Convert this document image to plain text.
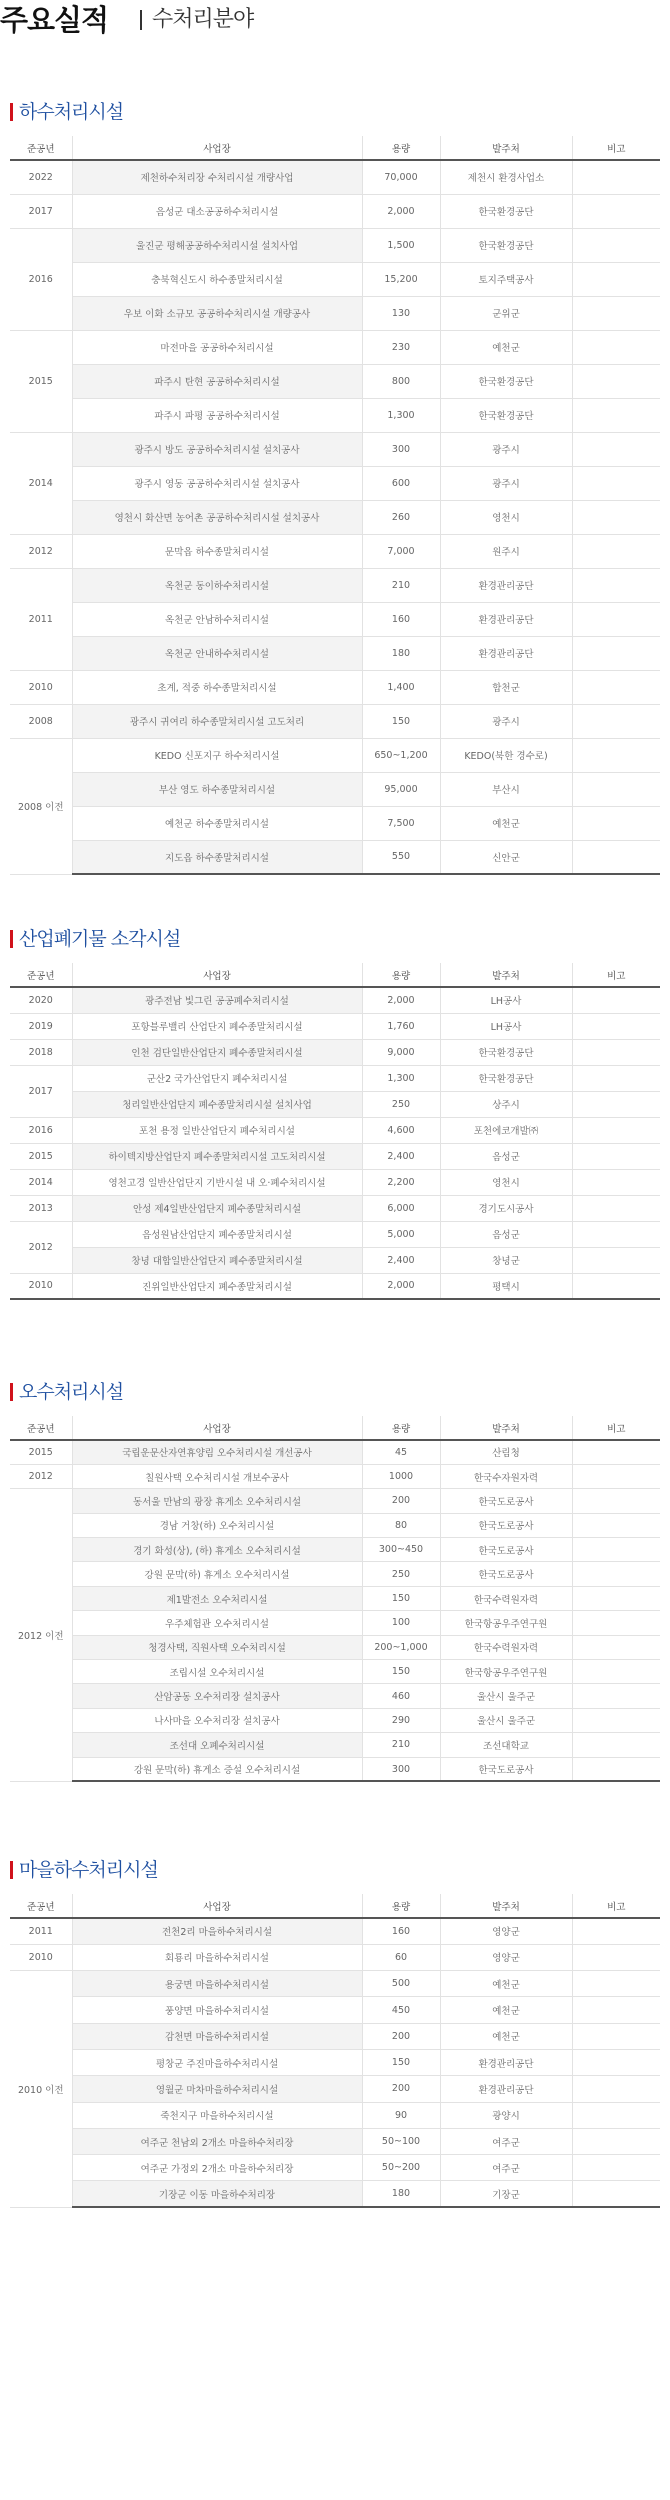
주요실적 수처리분야
하수처리시설
준공년	사업장	용량	발주처	비고
2022	제천하수처리장 수처리시설 개량사업	70,000	제천시 환경사업소	
2017	음성군 대소공공하수처리시설	2,000	한국환경공단	
2016	울진군 평해공공하수처리시설 설치사업	1,500	한국환경공단	
	충북혁신도시 하수종말처리시설	15,200	토지주택공사	
	우보 이화 소규모 공공하수처리시설 개량공사	130	군위군	
2015	마전마을 공공하수처리시설	230	예천군	
	파주시 탄현 공공하수처리시설	800	한국환경공단	
	파주시 파평 공공하수처리시설	1,300	한국환경공단	
2014	광주시 방도 공공하수처리시설 설치공사	300	광주시	
	광주시 영동 공공하수처리시설 설치공사	600	광주시	
	영천시 화산면 농어촌 공공하수처리시설 설치공사	260	영천시	
2012	문막읍 하수종말처리시설	7,000	원주시	
2011	옥천군 동이하수처리시설	210	환경관리공단	
	옥천군 안남하수처리시설	160	환경관리공단	
	옥천군 안내하수처리시설	180	환경관리공단	
2010	초계, 적중 하수종말처리시설	1,400	합천군	
2008	광주시 귀여리 하수종말처리시설 고도처리	150	광주시	
2008 이전	KEDO 신포지구 하수처리시설	650~1,200	KEDO(북한 경수로)	
	부산 영도 하수종말처리시설	95,000	부산시	
	예천군 하수종말처리시설	7,500	예천군	
	지도읍 하수종말처리시설	550	신안군	
산업폐기물 소각시설
준공년	사업장	용량	발주처	비고
2020	광주전남 빛그린 공공폐수처리시설	2,000	LH공사	
2019	포항블루밸리 산업단지 폐수종말처리시설	1,760	LH공사	
2018	인천 검단일반산업단지 폐수종말처리시설	9,000	한국환경공단	
2017	군산2 국가산업단지 폐수처리시설	1,300	한국환경공단	
	청리일반산업단지 폐수종말처리시설 설치사업	250	상주시	
2016	포천 용정 일반산업단지 폐수처리시설	4,600	포천에코개발㈜	
2015	하이텍지방산업단지 폐수종말처리시설 고도처리시설	2,400	음성군	
2014	영천고경 일반산업단지 기반시설 내 오·폐수처리시설	2,200	영천시	
2013	안성 제4일반산업단지 폐수종말처리시설	6,000	경기도시공사	
2012	음성원남산업단지 폐수종말처리시설	5,000	음성군	
	창녕 대합일반산업단지 폐수종말처리시설	2,400	창녕군	
2010	진위일반산업단지 폐수종말처리시설	2,000	평택시	
오수처리시설
준공년	사업장	용량	발주처	비고
2015	국립운문산자연휴양림 오수처리시설 개선공사	45	산림청	
2012	칠원사택 오수처리시설 개보수공사	1000	한국수자원자력	
2012 이전	동서울 만남의 광장 휴게소 오수처리시설	200	한국도로공사	
	경남 거창(하) 오수처리시설	80	한국도로공사	
	경기 화성(상), (하) 휴게소 오수처리시설	300~450	한국도로공사	
	강원 문막(하) 휴게소 오수처리시설	250	한국도로공사	
	제1발전소 오수처리시설	150	한국수력원자력	
	우주체험관 오수처리시설	100	한국항공우주연구원	
	청경사택, 직원사택 오수처리시설	200~1,000	한국수력원자력	
	조립시설 오수처리시설	150	한국항공우주연구원	
	산암공동 오수처리장 설치공사	460	울산시 울주군	
	나사마을 오수처리장 설치공사	290	울산시 울주군	
	조선대 오폐수처리시설	210	조선대학교	
	강원 문막(하) 휴게소 증설 오수처리시설	300	한국도로공사	
마을하수처리시설
준공년	사업장	용량	발주처	비고
2011	전천2리 마을하수처리시설	160	영양군	
2010	회룡리 마을하수처리시설	60	영양군	
2010 이전	용궁면 마을하수처리시설	500	예천군	
	풍양면 마을하수처리시설	450	예천군	
	감천면 마을하수처리시설	200	예천군	
	평창군 주진마을하수처리시설	150	환경관리공단	
	영월군 마차마을하수처리시설	200	환경관리공단	
	죽천지구 마을하수처리시설	90	광양시	
	여주군 천남외 2개소 마을하수처리장	50~100	여주군	
	여주군 가정외 2개소 마을하수처리장	50~200	여주군	
	기장군 이동 마을하수처리장	180	기장군	
